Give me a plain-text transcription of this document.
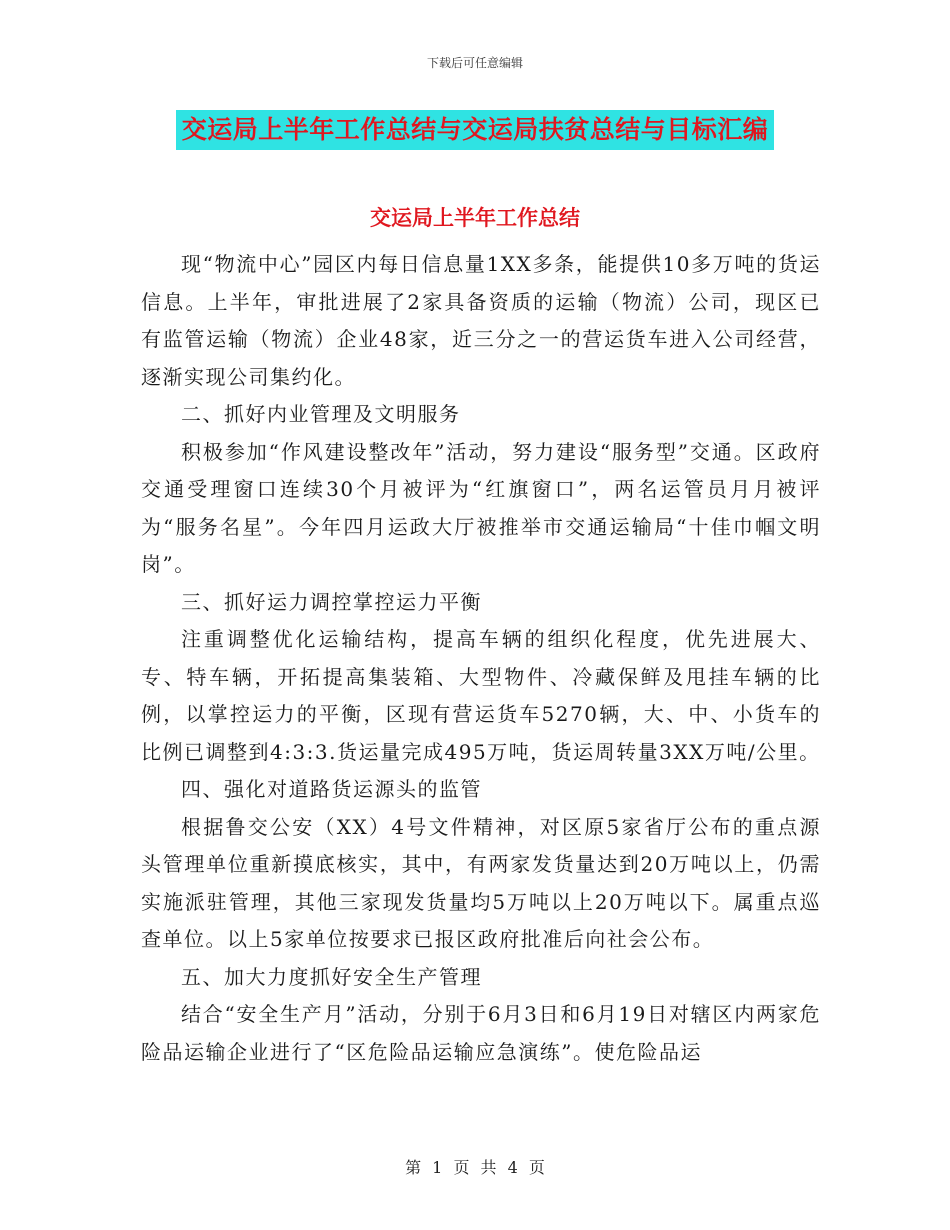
下载后可任意编辑
交运局上半年工作总结与交运局扶贫总结与目标汇编
交运局上半年工作总结

现“物流中心”园区内每日信息量1XX多条，能提供10多万吨的货运信息。上半年，审批进展了2家具备资质的运输（物流）公司，现区已有监管运输（物流）企业48家，近三分之一的营运货车进入公司经营，逐渐实现公司集约化。

二、抓好内业管理及文明服务

积极参加“作风建设整改年”活动，努力建设“服务型”交通。区政府交通受理窗口连续30个月被评为“红旗窗口”，两名运管员月月被评为“服务名星”。今年四月运政大厅被推举市交通运输局“十佳巾帼文明岗”。

三、抓好运力调控掌控运力平衡

注重调整优化运输结构，提高车辆的组织化程度，优先进展大、专、特车辆，开拓提高集装箱、大型物件、冷藏保鲜及甩挂车辆的比例，以掌控运力的平衡，区现有营运货车5270辆，大、中、小货车的比例已调整到4:3:3.货运量完成495万吨，货运周转量3XX万吨/公里。

四、强化对道路货运源头的监管

根据鲁交公安（XX）4号文件精神，对区原5家省厅公布的重点源头管理单位重新摸底核实，其中，有两家发货量达到20万吨以上，仍需实施派驻管理，其他三家现发货量均5万吨以上20万吨以下。属重点巡查单位。以上5家单位按要求已报区政府批准后向社会公布。

五、加大力度抓好安全生产管理

结合“安全生产月”活动，分别于6月3日和6月19日对辖区内两家危险品运输企业进行了“区危险品运输应急演练”。使危险品运

第 1 页 共 4 页
